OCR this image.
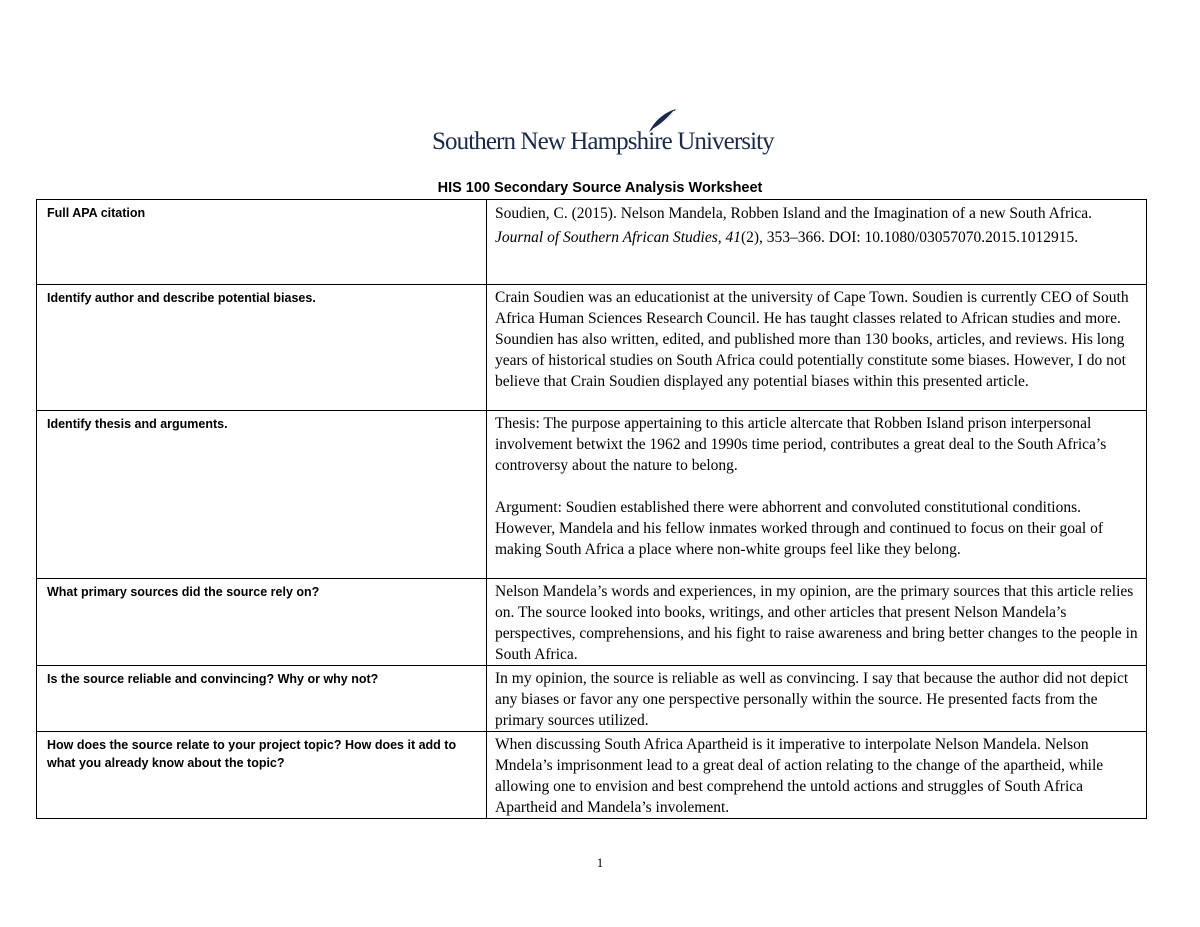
Southern New Hampshire University
HIS 100 Secondary Source Analysis Worksheet
Full APA citation	Soudien, C. (2015). Nelson Mandela, Robben Island and the Imagination of a new South Africa. Journal of Southern African Studies, 41(2), 353–366. DOI: 10.1080/03057070.2015.1012915.

Identify author and describe potential biases.	Crain Soudien was an educationist at the university of Cape Town. Soudien is currently CEO of South Africa Human Sciences Research Council. He has taught classes related to African studies and more. Soundien has also written, edited, and published more than 130 books, articles, and reviews. His long years of historical studies on South Africa could potentially constitute some biases. However, I do not believe that Crain Soudien displayed any potential biases within this presented article.
Identify thesis and arguments.	Thesis: The purpose appertaining to this article altercate that Robben Island prison interpersonal involvement betwixt the 1962 and 1990s time period, contributes a great deal to the South Africa’s controversy about the nature to belong.

Argument: Soudien established there were abhorrent and convoluted constitutional conditions. However, Mandela and his fellow inmates worked through and continued to focus on their goal of making South Africa a place where non-white groups feel like they belong.

What primary sources did the source rely on?	Nelson Mandela’s words and experiences, in my opinion, are the primary sources that this article relies on. The source looked into books, writings, and other articles that present Nelson Mandela’s perspectives, comprehensions, and his fight to raise awareness and bring better changes to the people in South Africa.
Is the source reliable and convincing? Why or why not?	In my opinion, the source is reliable as well as convincing. I say that because the author did not depict any biases or favor any one perspective personally within the source. He presented facts from the primary sources utilized.
How does the source relate to your project topic? How does it add to what you already know about the topic?	When discussing South Africa Apartheid is it imperative to interpolate Nelson Mandela. Nelson Mndela’s imprisonment lead to a great deal of action relating to the change of the apartheid, while allowing one to envision and best comprehend the untold actions and struggles of South Africa Apartheid and Mandela’s involement.
1
